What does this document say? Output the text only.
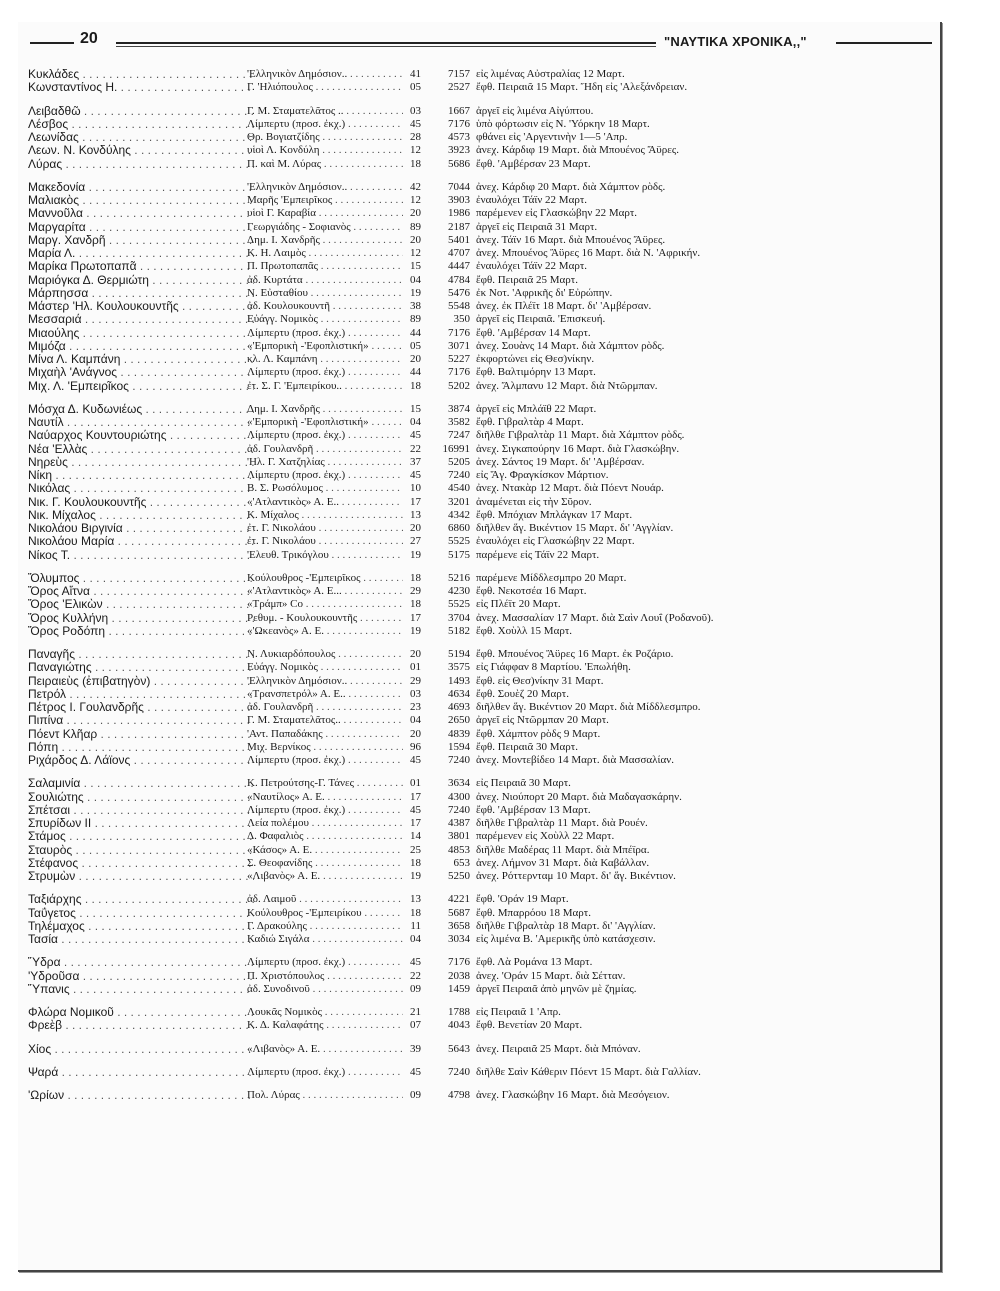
20	"ΝΑΥΤΙΚΑ ΧΡΟΝΙΚΑ,,"
Κυκλάδες . . .	'Ελληνικὸν Δημόσιον.. . . .	41	7157 εἰς λιμένας Αὐστραλίας 12 Μαρτ.
Κωνσταντίνος Η. . . .	Γ. 'Ηλιόπουλος . . .	05	2527 ἔφθ. Πειραιᾶ 15 Μαρτ. Ἤδη εἰς 'Αλεξάνδρειαν.
Λειβαδθῶ . . .	Γ. Μ. Σταματελᾶτος .. . . .	03	1667 ἀργεῖ εἰς λιμένα Αἰγύπτου.
Λέσβος . . .	Λίμπερτυ (προσ. ἐκχ.) . . .	45	7176 ὑπὸ φόρτωσιν εἰς Ν. 'Υόρκην 18 Μαρτ.
Λεωνίδας . . .	Θρ. Βογιατζίδης . . .	28	4573 φθάνει εἰς 'Αργεντινὴν 1—5 'Απρ.
Λεων. Ν. Κονδύλης . . .	υἱοὶ Λ. Κονδύλη . . .	12	3923 ἀνεχ. Κάρδιφ 19 Μαρτ. διὰ Μπουένος Ἄϋρες.
Λύρας . . .	Π. καὶ Μ. Λύρας . . .	18	5686 ἔφθ. 'Αμβέρσαν 23 Μαρτ.
Μακεδονία . . .	'Ελληνικὸν Δημόσιον.. . . .	42	7044 ἀνεχ. Κάρδιφ 20 Μαρτ. διὰ Χάμπτον ρὸδς.
Μαλιακὸς . . .	Μαρῆς 'Εμπειρῖκος . . .	12	3903 ἐναυλόχει Τάϊν 22 Μαρτ.
Μαννοῦλα . . .	υἱοὶ Γ. Καραβία . . .	20	1986 παρέμενεν εἰς Γλασκώβην 22 Μαρτ.
Μαργαρίτα . . .	Γεωργιάδης - Σοφιανὸς . . .	89	2187 ἀργεῖ εἰς Πειραιᾶ 31 Μαρτ.
Μαργ. Χανδρῆ . . .	Δημ. Ι. Χανδρῆς . . .	20	5401 ἀνεχ. Τάϊν 16 Μαρτ. διὰ Μπουένος Ἄϋρες.
Μαρία Λ. . . .	Κ. Η. Λαιμὸς . . .	12	4707 ἀνεχ. Μπουένος Ἄϋρες 16 Μαρτ. διὰ Ν. 'Αφρικήν.
Μαρίκα Πρωτοπαπᾶ . . .	Π. Πρωτοπαπᾶς . . .	15	4447 ἐναυλόχει Τάϊν 22 Μαρτ.
Μαριόγκα Δ. Θερμιώτη . . .	ἀδ. Κυρτάτα . . .	04	4784 ἔφθ. Πειραιᾶ 25 Μαρτ.
Μάρπησσα . . .	Ν. Εὐσταθίου . . .	19	5476 ἐκ Νοτ. 'Αφρικῆς δι' Εὐρώπην.
Μάστερ 'Ηλ. Κουλουκουντῆς . . .	ἀδ. Κουλουκουντῆ . . .	38	5548 ἀνεχ. ἐκ Πλέϊτ 18 Μαρτ. δι' 'Αμβέρσαν.
Μεσσαριά . . .	Εὐάγγ. Νομικὸς . . .	89	350 ἀργεῖ εἰς Πειραιᾶ. 'Επισκευή.
Μιαούλης . . .	Λίμπερτυ (προσ. ἐκχ.) . . .	44	7176 ἔφθ. 'Αμβέρσαν 14 Μαρτ.
Μιμόζα . . .	«'Εμπορικὴ -'Εφοπλιστική» . . .	05	3071 ἀνεχ. Σουὰνς 14 Μαρτ. διὰ Χάμπτον ρὸδς.
Μίνα Λ. Καμπάνη . . .	κλ. Λ. Καμπάνη . . .	20	5227 ἐκφορτώνει εἰς Θεσ)νίκην.
Μιχαὴλ 'Ανάγνος . . .	Λίμπερτυ (προσ. ἐκχ.) . . .	44	7176 ἔφθ. Βαλτιμόρην 13 Μαρτ.
Μιχ. Λ. 'Εμπειρῖκος . . .	ἐτ. Σ. Γ. 'Εμπειρίκου.. . . .	18	5202 ἀνεχ. Ἄλμπανυ 12 Μαρτ. διὰ Ντῶρμπαν.
Μόσχα Δ. Κυδωνιέως . . .	Δημ. Ι. Χανδρῆς . . .	15	3874 ἀργεῖ εἰς Μπλάϊθ 22 Μαρτ.
Ναυτίλ . . .	«'Εμπορικὴ -'Εφοπλιστική» . . .	04	3582 ἔφθ. Γιβραλτὰρ 4 Μαρτ.
Ναύαρχος Κουντουριώτης . . .	Λίμπερτυ (προσ. ἐκχ.) . . .	45	7247 διῆλθε Γιβραλτὰρ 11 Μαρτ. διὰ Χάμπτον ρὸδς.
Νέα 'Ελλὰς . . .	ἀδ. Γουλανδρῆ . . .	22	16991 ἀνεχ. Σιγκαπούρην 16 Μαρτ. διὰ Γλασκώβην.
Νηρεὺς . . .	'Ηλ. Γ. Χατζηλίας . . .	37	5205 ἀνεχ. Σάντος 19 Μαρτ. δι' 'Αμβέρσαν.
Νίκη . . .	Λίμπερτυ (προσ. ἐκχ.) . . .	45	7240 εἰς Ἅγ. Φραγκίσκον Μάρτιον.
Νικόλας . . .	Β. Σ. Ρωσόλυμος . . .	10	4540 ἀνεχ. Ντακὰρ 12 Μαρτ. διὰ Πόεντ Νουάρ.
Νικ. Γ. Κουλουκουντῆς . . .	«'Ατλαντικὸς» Α. Ε.. . . .	17	3201 ἀναμένεται εἰς τὴν Σῦρον.
Νικ. Μίχαλος . . .	Κ. Μίχαλος . . .	13	4342 ἔφθ. Μπόχιαν Μπλάγκαν 17 Μαρτ.
Νικολάου Βιργινία . . .	ἐτ. Γ. Νικολάου . . .	20	6860 διῆλθεν ἅγ. Βικέντιον 15 Μαρτ. δι' 'Αγγλίαν.
Νικολάου Μαρία . . .	ἐτ. Γ. Νικολάου . . .	27	5525 ἐναυλόχει εἰς Γλασκώβην 22 Μαρτ.
Νίκος Τ. . . .	'Ελευθ. Τρικόγλου . . .	19	5175 παρέμενε εἰς Τάϊν 22 Μαρτ.
Ὄλυμπος . . .	Κούλουθρος -'Εμπειρῖκος . . .	18	5216 παρέμενε Μίδδλεσμπρο 20 Μαρτ.
Ὄρος Αἴτνα . . .	«'Ατλαντικὸς» Α. Ε... . . .	29	4230 ἔφθ. Νεκοτσέα 16 Μαρτ.
Ὄρος 'Ελικὼν . . .	«Τράμπ» Co . . .	18	5525 εἰς Πλέϊτ 20 Μαρτ.
Ὄρος Κυλλήνη . . .	Ρεθυμ. - Κουλουκουντῆς . . .	17	3704 ἀνεχ. Μασσαλίαν 17 Μαρτ. διὰ Σαὶν Λουΐ (Ροδανοῦ).
Ὄρος Ροδόπη . . .	«'Ωκεανὸς» Α. Ε. . . .	19	5182 ἔφθ. Χοὺλλ 15 Μαρτ.
Παναγῆς . . .	Ν. Λυκιαρδόπουλος . . .	20	5194 ἔφθ. Μπουένος Ἄϋρες 16 Μαρτ. ἐκ Ροζάριο.
Παναγιώτης . . .	Εὐάγγ. Νομικὸς . . .	01	3575 εἰς Γιάφφαν 8 Μαρτίου. 'Επωλήθη.
Πειραιεὺς (ἐπιβατηγὸν) . . .	'Ελληνικὸν Δημόσιον.. . . .	29	1493 ἔφθ. εἰς Θεσ)νίκην 31 Μαρτ.
Πετρόλ . . .	«Τρανσπετρόλ» Α. Ε.. . . .	03	4634 ἔφθ. Σουὲζ 20 Μαρτ.
Πέτρος Ι. Γουλανδρῆς . . .	ἀδ. Γουλανδρῆ . . .	23	4693 διῆλθεν ἅγ. Βικέντιον 20 Μαρτ. διὰ Μίδδλεσμπρο.
Πιπίνα . . .	Γ. Μ. Σταματελᾶτος.. . . .	04	2650 ἀργεῖ εἰς Ντῶρμπαν 20 Μαρτ.
Πόεντ Κλῆαρ . . .	'Αντ. Παπαδάκης . . .	20	4839 ἔφθ. Χάμπτον ρὸδς 9 Μαρτ.
Πόπη . . .	Μιχ. Βερνίκος . . .	96	1594 ἔφθ. Πειραιᾶ 30 Μαρτ.
Ριχάρδος Δ. Λάϊονς . . .	Λίμπερτυ (προσ. ἐκχ.) . . .	45	7240 ἀνεχ. Μοντεβίδεο 14 Μαρτ. διὰ Μασσαλίαν.
Σαλαμινία . . .	Κ. Πετρούτσης-Γ. Τάνες . . .	01	3634 εἰς Πειραιᾶ 30 Μαρτ.
Σουλιώτης . . .	«Ναυτίλος» Α. Ε. . . .	17	4300 ἀνεχ. Νιούπορτ 20 Μαρτ. διὰ Μαδαγασκάρην.
Σπέτσαι . . .	Λίμπερτυ (προσ. ἐκχ.) . . .	45	7240 ἔφθ. 'Αμβέρσαν 13 Μαρτ.
Σπυρίδων ΙΙ . . .	Λεία πολέμου . . .	17	4387 διῆλθε Γιβραλτὰρ 11 Μαρτ. διὰ Ρουέν.
Στάμος . . .	Δ. Φαφαλιὸς . . .	14	3801 παρέμενεν εἰς Χοὺλλ 22 Μαρτ.
Σταυρὸς . . .	«Κάσος» Α. Ε. . . .	25	4853 διῆλθε Μαδέρας 11 Μαρτ. διὰ Μπέϊρα.
Στέφανος . . .	Σ. Θεοφανίδης . . .	18	653 ἀνεχ. Λήμνον 31 Μαρτ. διὰ Καβάλλαν.
Στρυμὼν . . .	«Λιβανὸς» Α. Ε. . . .	19	5250 ἀνεχ. Ρόττερνταμ 10 Μαρτ. δι' ἅγ. Βικέντιον.
Ταξιάρχης . . .	ἀδ. Λαιμοῦ . . .	13	4221 ἔφθ. 'Οράν 19 Μαρτ.
Ταΰγετος . . .	Κούλουθρος -'Εμπειρίκου . . .	18	5687 ἔφθ. Μπαρρόου 18 Μαρτ.
Τηλέμαχος . . .	Γ. Δρακούλης . . .	11	3658 διῆλθε Γιβραλτὰρ 18 Μαρτ. δι' 'Αγγλίαν.
Τασία . . .	Καδιώ Σιγάλα . . .	04	3034 εἰς λιμένα Β. 'Αμερικῆς ὑπὸ κατάσχεσιν.
Ὕδρα . . .	Λίμπερτυ (προσ. ἐκχ.) . . .	45	7176 ἔφθ. Λὰ Ρομάνα 13 Μαρτ.
'Υδροῦσα . . .	Π. Χριστόπουλος . . .	22	2038 ἀνεχ. 'Οράν 15 Μαρτ. διὰ Σέτταν.
Ὕπανις . . .	ἀδ. Συνοδινοῦ . . .	09	1459 ἀργεῖ Πειραιᾶ ἀπὸ μηνῶν μὲ ζημίας.
Φλώρα Νομικοῦ . . .	Λουκᾶς Νομικὸς . . .	21	1788 εἰς Πειραιᾶ 1 'Απρ.
Φρεὲβ . . .	Κ. Δ. Καλαφάτης . . .	07	4043 ἔφθ. Βενετίαν 20 Μαρτ.
Χίος . . .	«Λιβανὸς» Α. Ε. . . .	39	5643 ἀνεχ. Πειραιᾶ 25 Μαρτ. διὰ Μπόναν.
Ψαρά . . .	Λίμπερτυ (προσ. ἐκχ.) . . .	45	7240 διῆλθε Σαὶν Κάθεριν Πόεντ 15 Μαρτ. διὰ Γαλλίαν.
'Ωρίων . . .	Πολ. Λύρας . . .	09	4798 ἀνεχ. Γλασκώβην 16 Μαρτ. διὰ Μεσόγειον.
